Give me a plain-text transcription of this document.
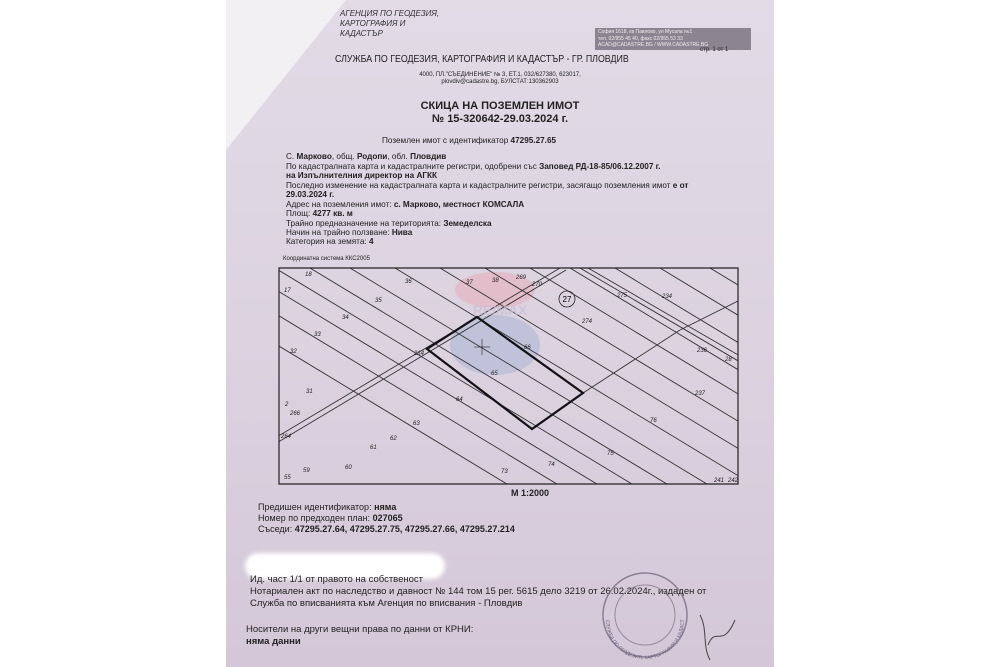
АГЕНЦИЯ ПО ГЕОДЕЗИЯ, КАРТОГРАФИЯ И КАДАСТЪР	София 1618, кв Павлово, ул Мусала №1
тел. 02/955 45 40, факс 02/955 53 33
ACAD@CADASTRE.BG / WWW.CADASTRE.BG
стр. 1 от 1
СЛУЖБА ПО ГЕОДЕЗИЯ, КАРТОГРАФИЯ И КАДАСТЪР - ГР. ПЛОВДИВ
4000, ПЛ."СЪЕДИНЕНИЕ" № 3, ЕТ.1, 032/627380, 623017,
plovdiv@cadastre.bg, БУЛСТАТ:130362903
СКИЦА НА ПОЗЕМЛЕН ИМОТ
№ 15-320642-29.03.2024 г.
Поземлен имот с идентификатор 47295.27.65
С. Марково, общ. Родопи, обл. Пловдив
По кадастралната карта и кадастралните регистри, одобрени със Заповед РД-18-85/06.12.2007 г.
на Изпълнителния директор на АГКК
Последно изменение на кадастралната карта и кадастралните регистри, засягащо поземления имот е от
29.03.2024 г.
Адрес на поземления имот: с. Марково, местност КОМСАЛА
Площ: 4277 кв. м
Трайно предназначение на територията: Земеделска
Начин на трайно ползване: Нива
Категория на земята: 4
Координатна система ККС2005
27
RE/MAX
18
17
36	37	38	269
270
35
34
33
32
31
2
266
264
55
59	60
61
62
63
64
214
65
66
73
74
75
76
274
275	234
236
28
237
241 242
М 1:2000
Предишен идентификатор: няма
Номер по предходен план: 027065
Съседи: 47295.27.64, 47295.27.75, 47295.27.66, 47295.27.214
Ид. част 1/1 от правото на собственост
Нотариален акт по наследство и давност № 144 том 15 рег. 5615 дело 3219 от 26.02.2024г., издаден от
Служба по вписванията към Агенция по вписвания - Пловдив
Носители на други вещни права по данни от КРНИ:
няма данни
СЛУЖБА ПО ГЕОДЕЗИЯ, КАРТОГРАФИЯ И КАДАСТ
